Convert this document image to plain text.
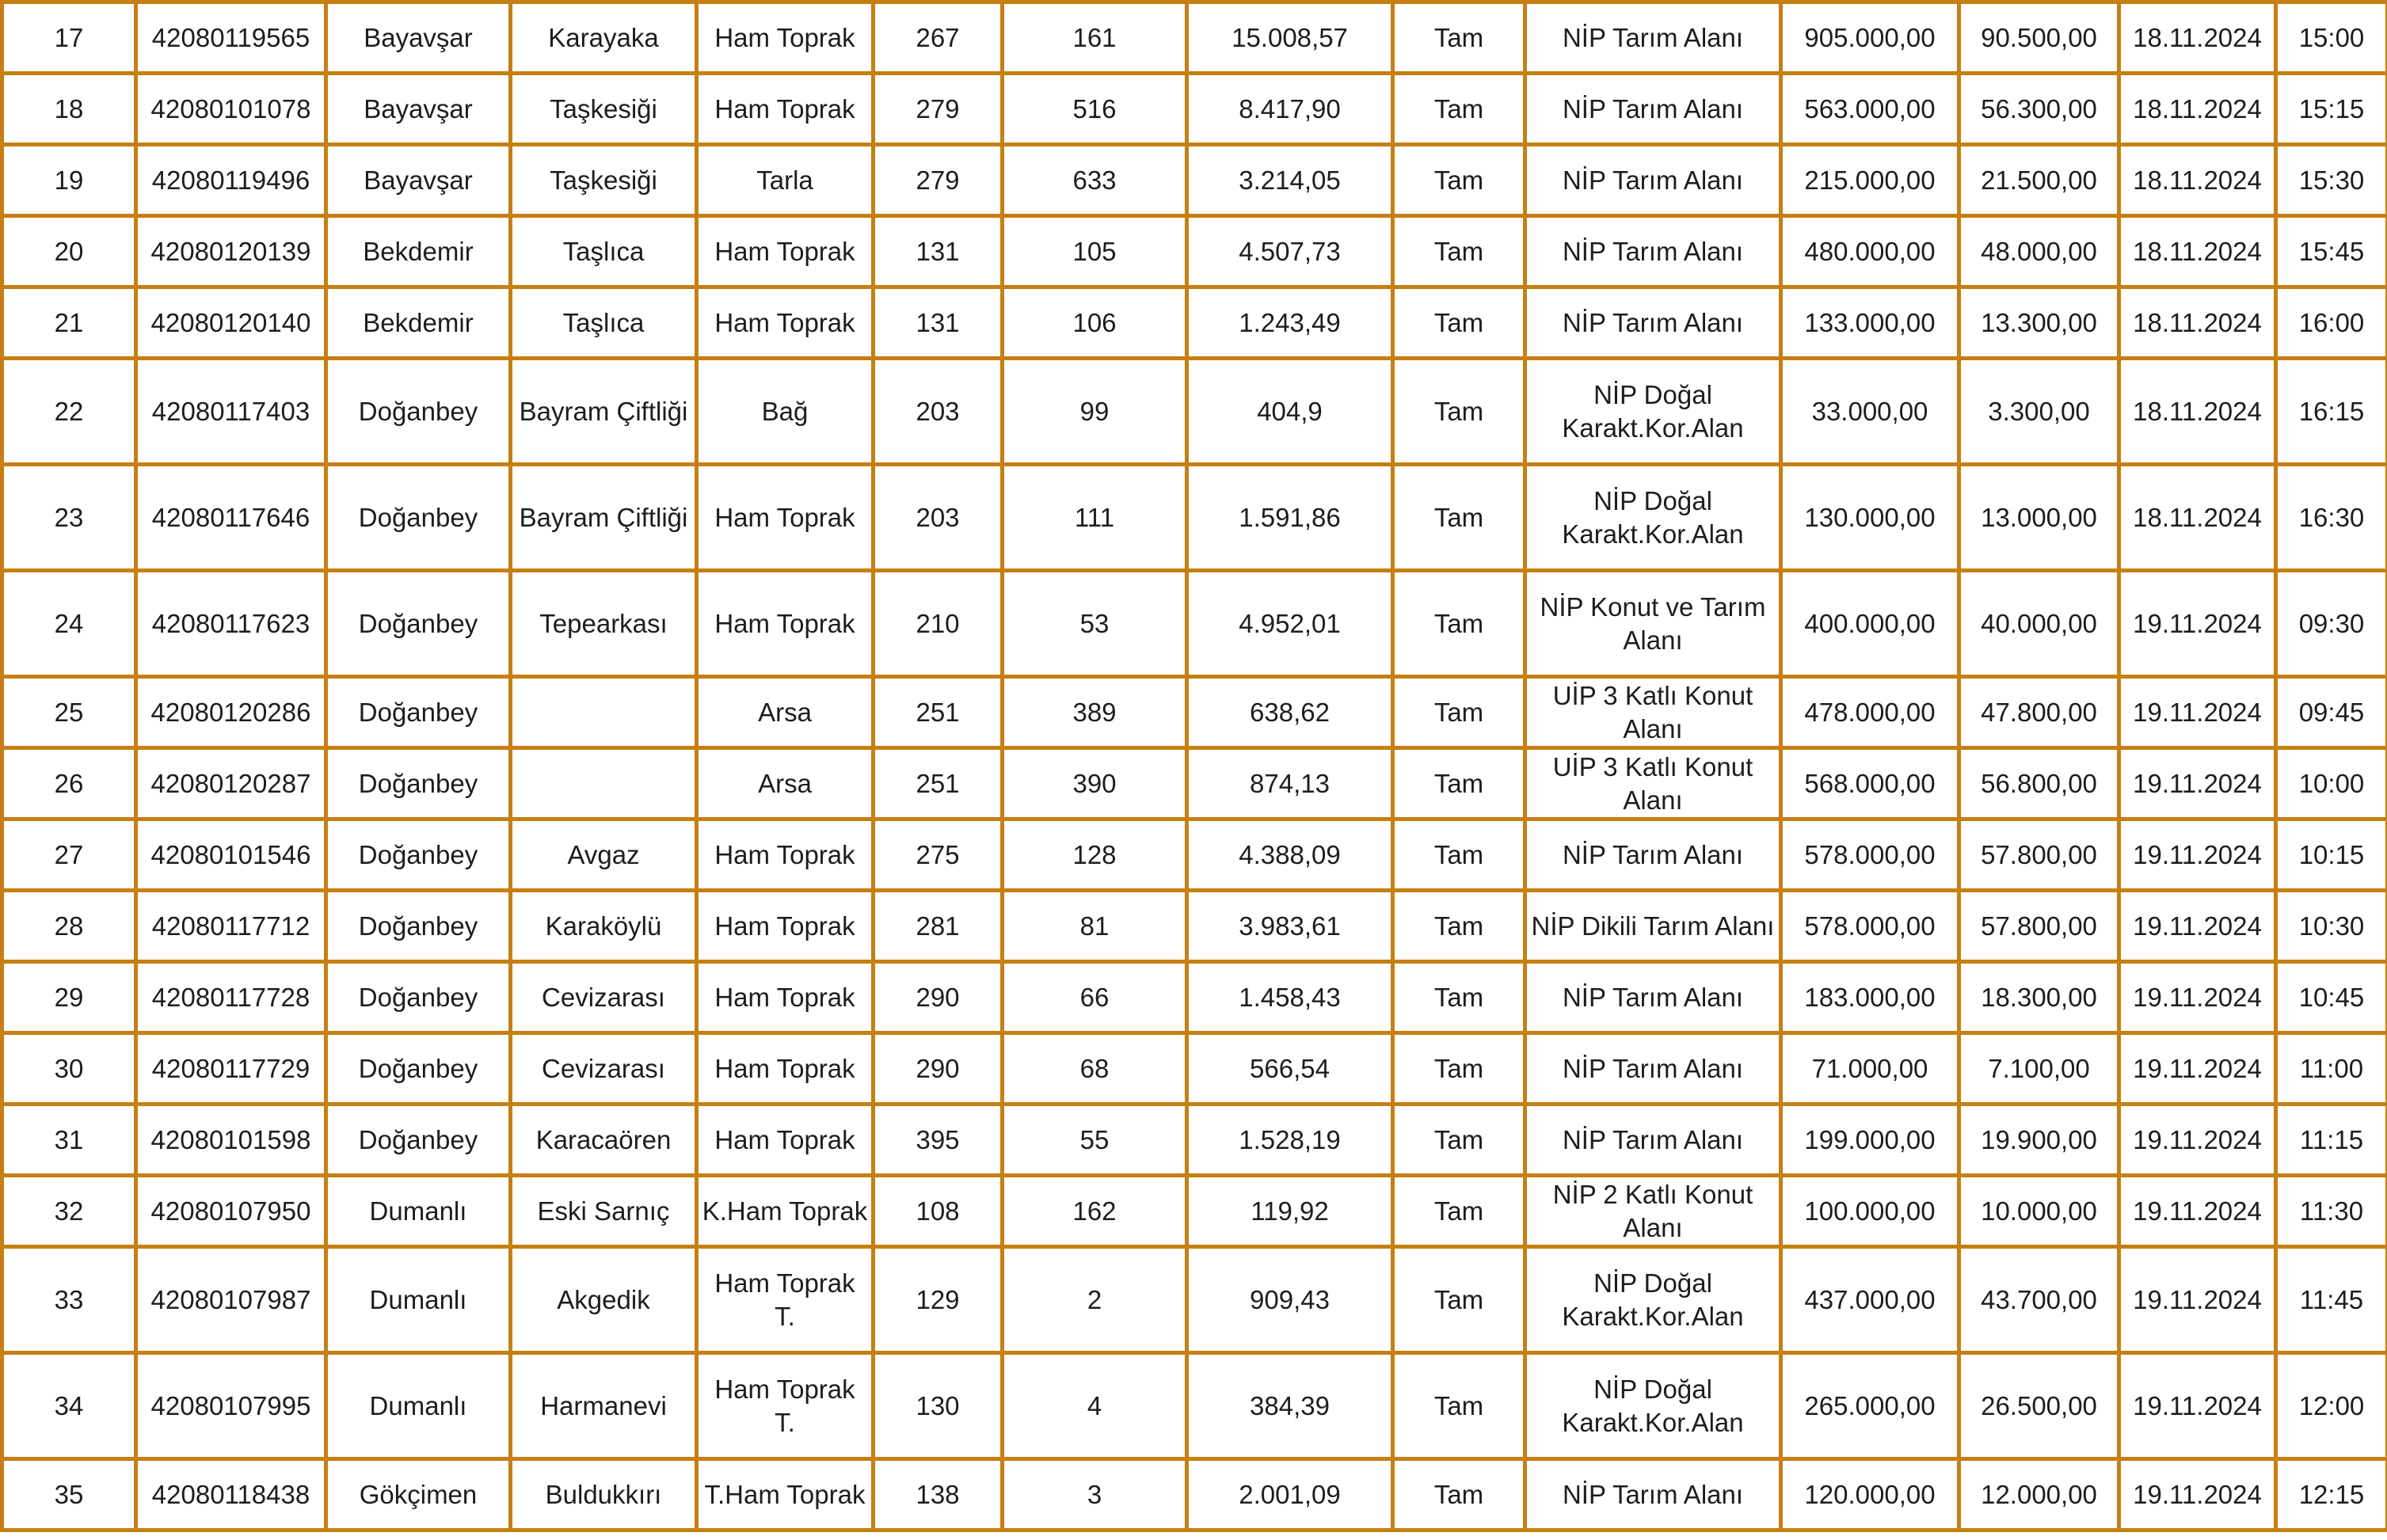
17	42080119565	Bayavşar	Karayaka	Ham Toprak	267	161	15.008,57	Tam	NİP Tarım Alanı	905.000,00	90.500,00	18.11.2024	15:00
18	42080101078	Bayavşar	Taşkesiği	Ham Toprak	279	516	8.417,90	Tam	NİP Tarım Alanı	563.000,00	56.300,00	18.11.2024	15:15
19	42080119496	Bayavşar	Taşkesiği	Tarla	279	633	3.214,05	Tam	NİP Tarım Alanı	215.000,00	21.500,00	18.11.2024	15:30
20	42080120139	Bekdemir	Taşlıca	Ham Toprak	131	105	4.507,73	Tam	NİP Tarım Alanı	480.000,00	48.000,00	18.11.2024	15:45
21	42080120140	Bekdemir	Taşlıca	Ham Toprak	131	106	1.243,49	Tam	NİP Tarım Alanı	133.000,00	13.300,00	18.11.2024	16:00
22	42080117403	Doğanbey	Bayram Çiftliği	Bağ	203	99	404,9	Tam	NİP Doğal Karakt.Kor.Alan	33.000,00	3.300,00	18.11.2024	16:15
23	42080117646	Doğanbey	Bayram Çiftliği	Ham Toprak	203	111	1.591,86	Tam	NİP Doğal Karakt.Kor.Alan	130.000,00	13.000,00	18.11.2024	16:30
24	42080117623	Doğanbey	Tepearkası	Ham Toprak	210	53	4.952,01	Tam	NİP Konut ve Tarım Alanı	400.000,00	40.000,00	19.11.2024	09:30
25	42080120286	Doğanbey		Arsa	251	389	638,62	Tam	UİP 3 Katlı Konut Alanı	478.000,00	47.800,00	19.11.2024	09:45
26	42080120287	Doğanbey		Arsa	251	390	874,13	Tam	UİP 3 Katlı Konut Alanı	568.000,00	56.800,00	19.11.2024	10:00
27	42080101546	Doğanbey	Avgaz	Ham Toprak	275	128	4.388,09	Tam	NİP Tarım Alanı	578.000,00	57.800,00	19.11.2024	10:15
28	42080117712	Doğanbey	Karaköylü	Ham Toprak	281	81	3.983,61	Tam	NİP Dikili Tarım Alanı	578.000,00	57.800,00	19.11.2024	10:30
29	42080117728	Doğanbey	Cevizarası	Ham Toprak	290	66	1.458,43	Tam	NİP Tarım Alanı	183.000,00	18.300,00	19.11.2024	10:45
30	42080117729	Doğanbey	Cevizarası	Ham Toprak	290	68	566,54	Tam	NİP Tarım Alanı	71.000,00	7.100,00	19.11.2024	11:00
31	42080101598	Doğanbey	Karacaören	Ham Toprak	395	55	1.528,19	Tam	NİP Tarım Alanı	199.000,00	19.900,00	19.11.2024	11:15
32	42080107950	Dumanlı	Eski Sarnıç	K.Ham Toprak	108	162	119,92	Tam	NİP 2 Katlı Konut Alanı	100.000,00	10.000,00	19.11.2024	11:30
33	42080107987	Dumanlı	Akgedik	Ham Toprak T.	129	2	909,43	Tam	NİP Doğal Karakt.Kor.Alan	437.000,00	43.700,00	19.11.2024	11:45
34	42080107995	Dumanlı	Harmanevi	Ham Toprak T.	130	4	384,39	Tam	NİP Doğal Karakt.Kor.Alan	265.000,00	26.500,00	19.11.2024	12:00
35	42080118438	Gökçimen	Buldukkırı	T.Ham Toprak	138	3	2.001,09	Tam	NİP Tarım Alanı	120.000,00	12.000,00	19.11.2024	12:15
